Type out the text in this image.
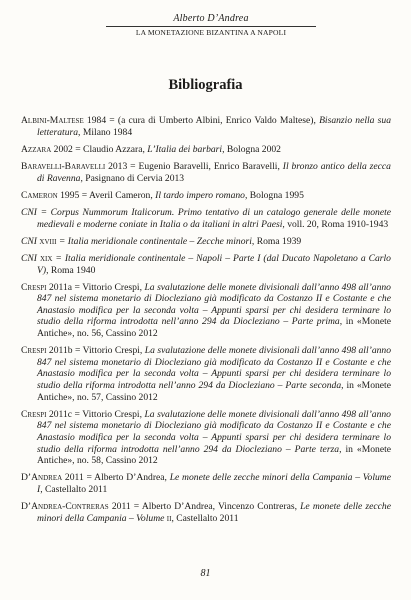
Alberto D’Andrea
LA MONETAZIONE BIZANTINA A NAPOLI
Bibliografia

Albini-Maltese 1984 = (a cura di Umberto Albini, Enrico Valdo Maltese), Bisanzio nella sua letteratura, Milano 1984

Azzara 2002 = Claudio Azzara, L’Italia dei barbari, Bologna 2002

Baravelli-Baravelli 2013 = Eugenio Baravelli, Enrico Baravelli, Il bronzo antico della zecca di Ravenna, Pasignano di Cervia 2013

Cameron 1995 = Averil Cameron, Il tardo impero romano, Bologna 1995

CNI = Corpus Nummorum Italicorum. Primo tentativo di un catalogo generale delle monete medievali e moderne coniate in Italia o da italiani in altri Paesi, voll. 20, Roma 1910-1943

CNI xviii = Italia meridionale continentale – Zecche minori, Roma 1939

CNI xix = Italia meridionale continentale – Napoli – Parte I (dal Ducato Napoletano a Carlo V), Roma 1940

Crespi 2011a = Vittorio Crespi, La svalutazione delle monete divisionali dall’anno 498 all’anno 847 nel sistema monetario di Diocleziano già modificato da Costanzo II e Costante e che Anastasio modifica per la seconda volta – Appunti sparsi per chi desidera terminare lo studio della riforma introdotta nell’anno 294 da Diocleziano – Parte prima, in «Monete Antiche», no. 56, Cassino 2012

Crespi 2011b = Vittorio Crespi, La svalutazione delle monete divisionali dall’anno 498 all’anno 847 nel sistema monetario di Diocleziano già modificato da Costanzo II e Costante e che Anastasio modifica per la seconda volta – Appunti sparsi per chi desidera terminare lo studio della riforma introdotta nell’anno 294 da Diocleziano – Parte seconda, in «Monete Antiche», no. 57, Cassino 2012

Crespi 2011c = Vittorio Crespi, La svalutazione delle monete divisionali dall’anno 498 all’anno 847 nel sistema monetario di Diocleziano già modificato da Costanzo II e Costante e che Anastasio modifica per la seconda volta – Appunti sparsi per chi desidera terminare lo studio della riforma introdotta nell’anno 294 da Diocleziano – Parte terza, in «Monete Antiche», no. 58, Cassino 2012

D’Andrea 2011 = Alberto D’Andrea, Le monete delle zecche minori della Campania – Volume I, Castellalto 2011

D’Andrea-Contreras 2011 = Alberto D’Andrea, Vincenzo Contreras, Le monete delle zecche minori della Campania – Volume ii, Castellalto 2011

81
